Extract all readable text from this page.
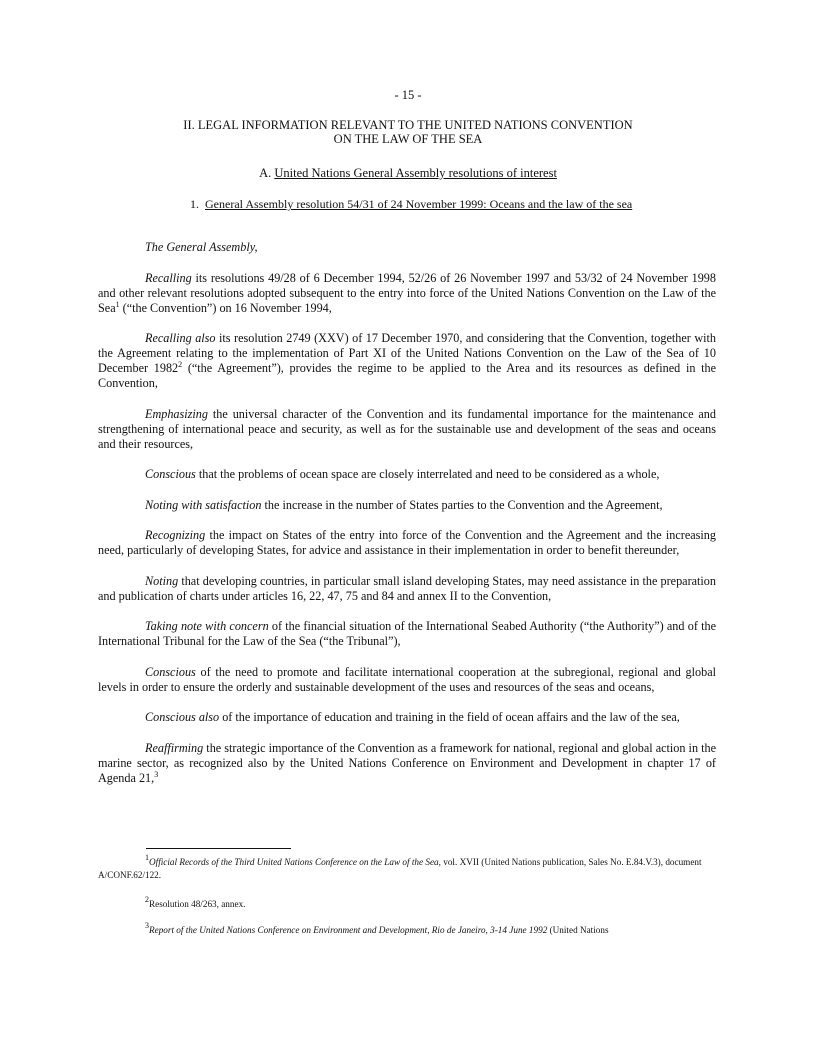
- 15 -
II. LEGAL INFORMATION RELEVANT TO THE UNITED NATIONS CONVENTION
ON THE LAW OF THE SEA
A. United Nations General Assembly resolutions of interest
1. General Assembly resolution 54/31 of 24 November 1999: Oceans and the law of the sea

The General Assembly,

Recalling its resolutions 49/28 of 6 December 1994, 52/26 of 26 November 1997 and 53/32 of 24 November 1998 and other relevant resolutions adopted subsequent to the entry into force of the United Nations Convention on the Law of the Sea$^1$ (“the Convention”) on 16 November 1994,

Recalling also its resolution 2749 (XXV) of 17 December 1970, and considering that the Convention, together with the Agreement relating to the implementation of Part XI of the United Nations Convention on the Law of the Sea of 10 December 1982$^2$ (“the Agreement”), provides the regime to be applied to the Area and its resources as defined in the Convention,

Emphasizing the universal character of the Convention and its fundamental importance for the maintenance and strengthening of international peace and security, as well as for the sustainable use and development of the seas and oceans and their resources,

Conscious that the problems of ocean space are closely interrelated and need to be considered as a whole,

Noting with satisfaction the increase in the number of States parties to the Convention and the Agreement,

Recognizing the impact on States of the entry into force of the Convention and the Agreement and the increasing need, particularly of developing States, for advice and assistance in their implementation in order to benefit thereunder,

Noting that developing countries, in particular small island developing States, may need assistance in the preparation and publication of charts under articles 16, 22, 47, 75 and 84 and annex II to the Convention,

Taking note with concern of the financial situation of the International Seabed Authority (“the Authority”) and of the International Tribunal for the Law of the Sea (“the Tribunal”),

Conscious of the need to promote and facilitate international cooperation at the subregional, regional and global levels in order to ensure the orderly and sustainable development of the uses and resources of the seas and oceans,

Conscious also of the importance of education and training in the field of ocean affairs and the law of the sea,

Reaffirming the strategic importance of the Convention as a framework for national, regional and global action in the marine sector, as recognized also by the United Nations Conference on Environment and Development in chapter 17 of Agenda 21,$^3$

$^1$Official Records of the Third United Nations Conference on the Law of the Sea, vol. XVII (United Nations publication, Sales No. E.84.V.3), document A/CONF.62/122.
$^2$Resolution 48/263, annex.
$^3$Report of the United Nations Conference on Environment and Development, Rio de Janeiro, 3-14 June 1992 (United Nations
